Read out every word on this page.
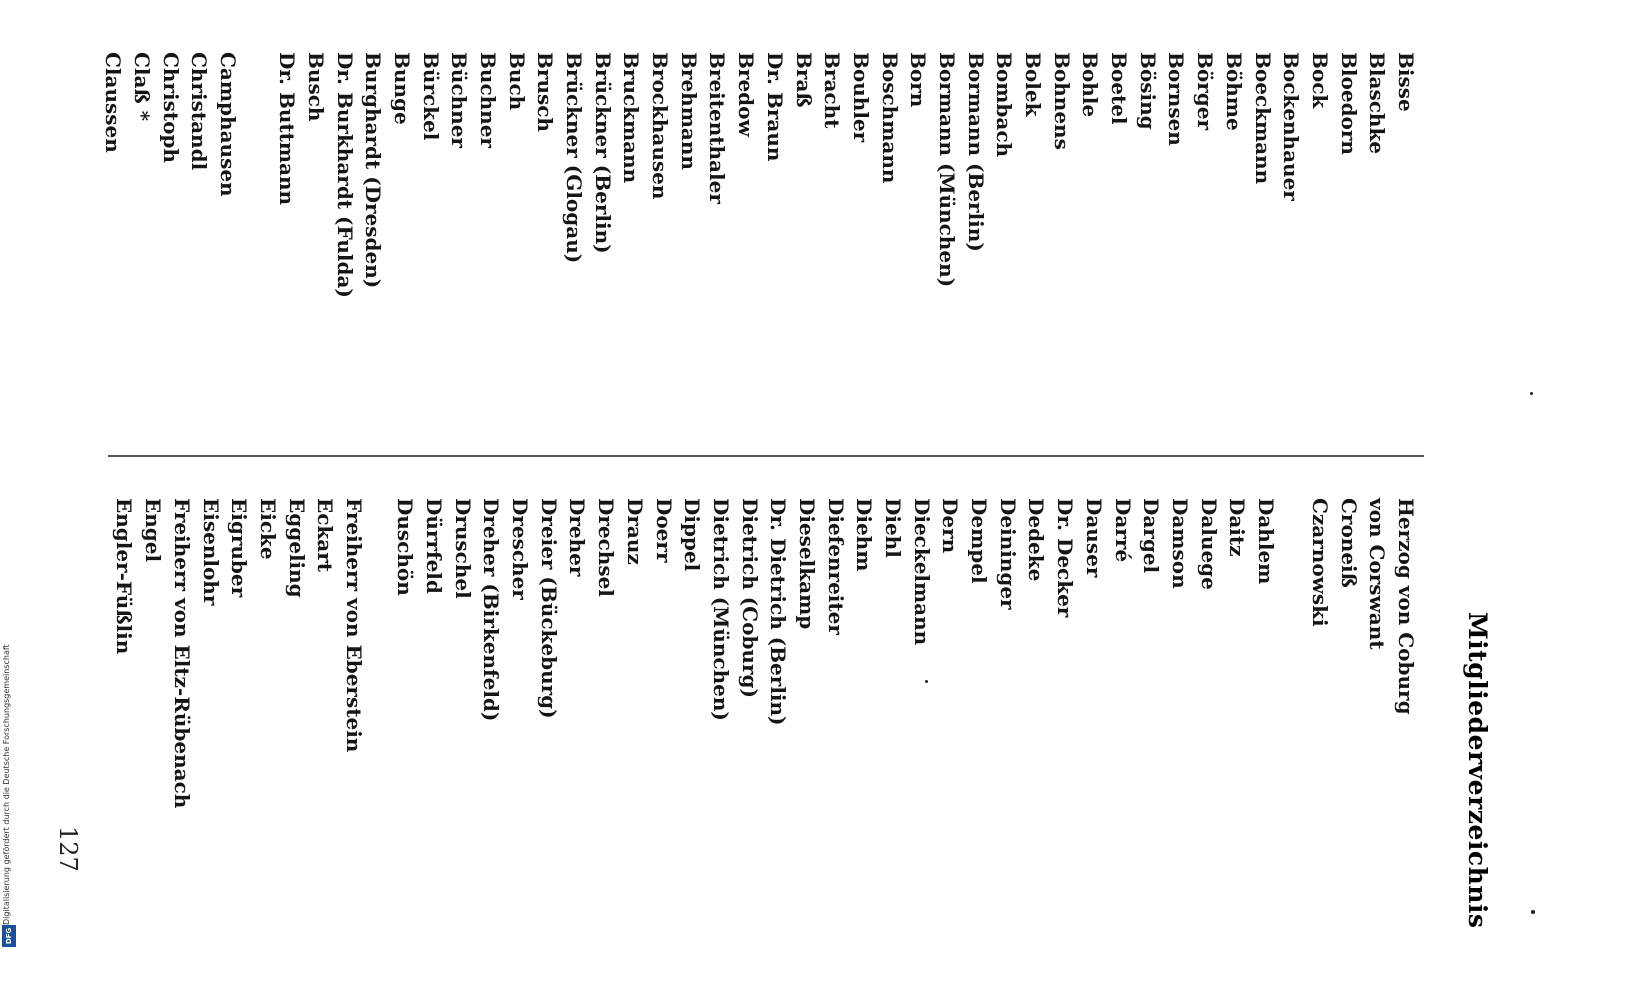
Mitgliederverzeichnis
Herzog von Coburg
von Corswant
Croneiß
Czarnowski
Bisse
Blaschke
Bloedorn
Bock
Bockenhauer
Boeckmann
Böhme
Börger
Bornsen
Bösing
Boetel
Bohle
Bohnens
Bolek
Bombach
Bormann (Berlin)
Bormann (München)
Born
Boschmann
Bouhler
Bracht
Braß
Dr. Braun
Bredow
Breitenthaler
Brehmann
Brockhausen
Bruckmann
Brückner (Berlin)
Brückner (Glogau)
Brusch
Buch
Buchner
Büchner
Bürckel
Bunge
Burghardt (Dresden)
Dr. Burkhardt (Fulda)
Busch
Dr. Buttmann
Camphausen
Christandl
Christoph
Claß *
Claussen
Dahlem
Daitz
Daluege
Damson
Dargel
Darré
Dauser
Dr. Decker
Dedeke
Deininger
Dempel
Dern
Dieckelmann
Diehl
Diehm
Diefenreiter
Dieselkamp
Dr. Dietrich (Berlin)
Dietrich (Coburg)
Dietrich (München)
Dippel
Doerr
Drauz
Drechsel
Dreher
Dreier (Bückeburg)
Drescher
Dreher (Birkenfeld)
Druschel
Dürrfeld
Duschön
Freiherr von Eberstein
Eckart
Eggeling
Eicke
Eigruber
Eisenlohr
Freiherr von Eltz-Rübenach
Engel
Engler-Füßlin
127
Digitalisierung gefördert durch die Deutsche Forschungsgemeinschaft
DFG
